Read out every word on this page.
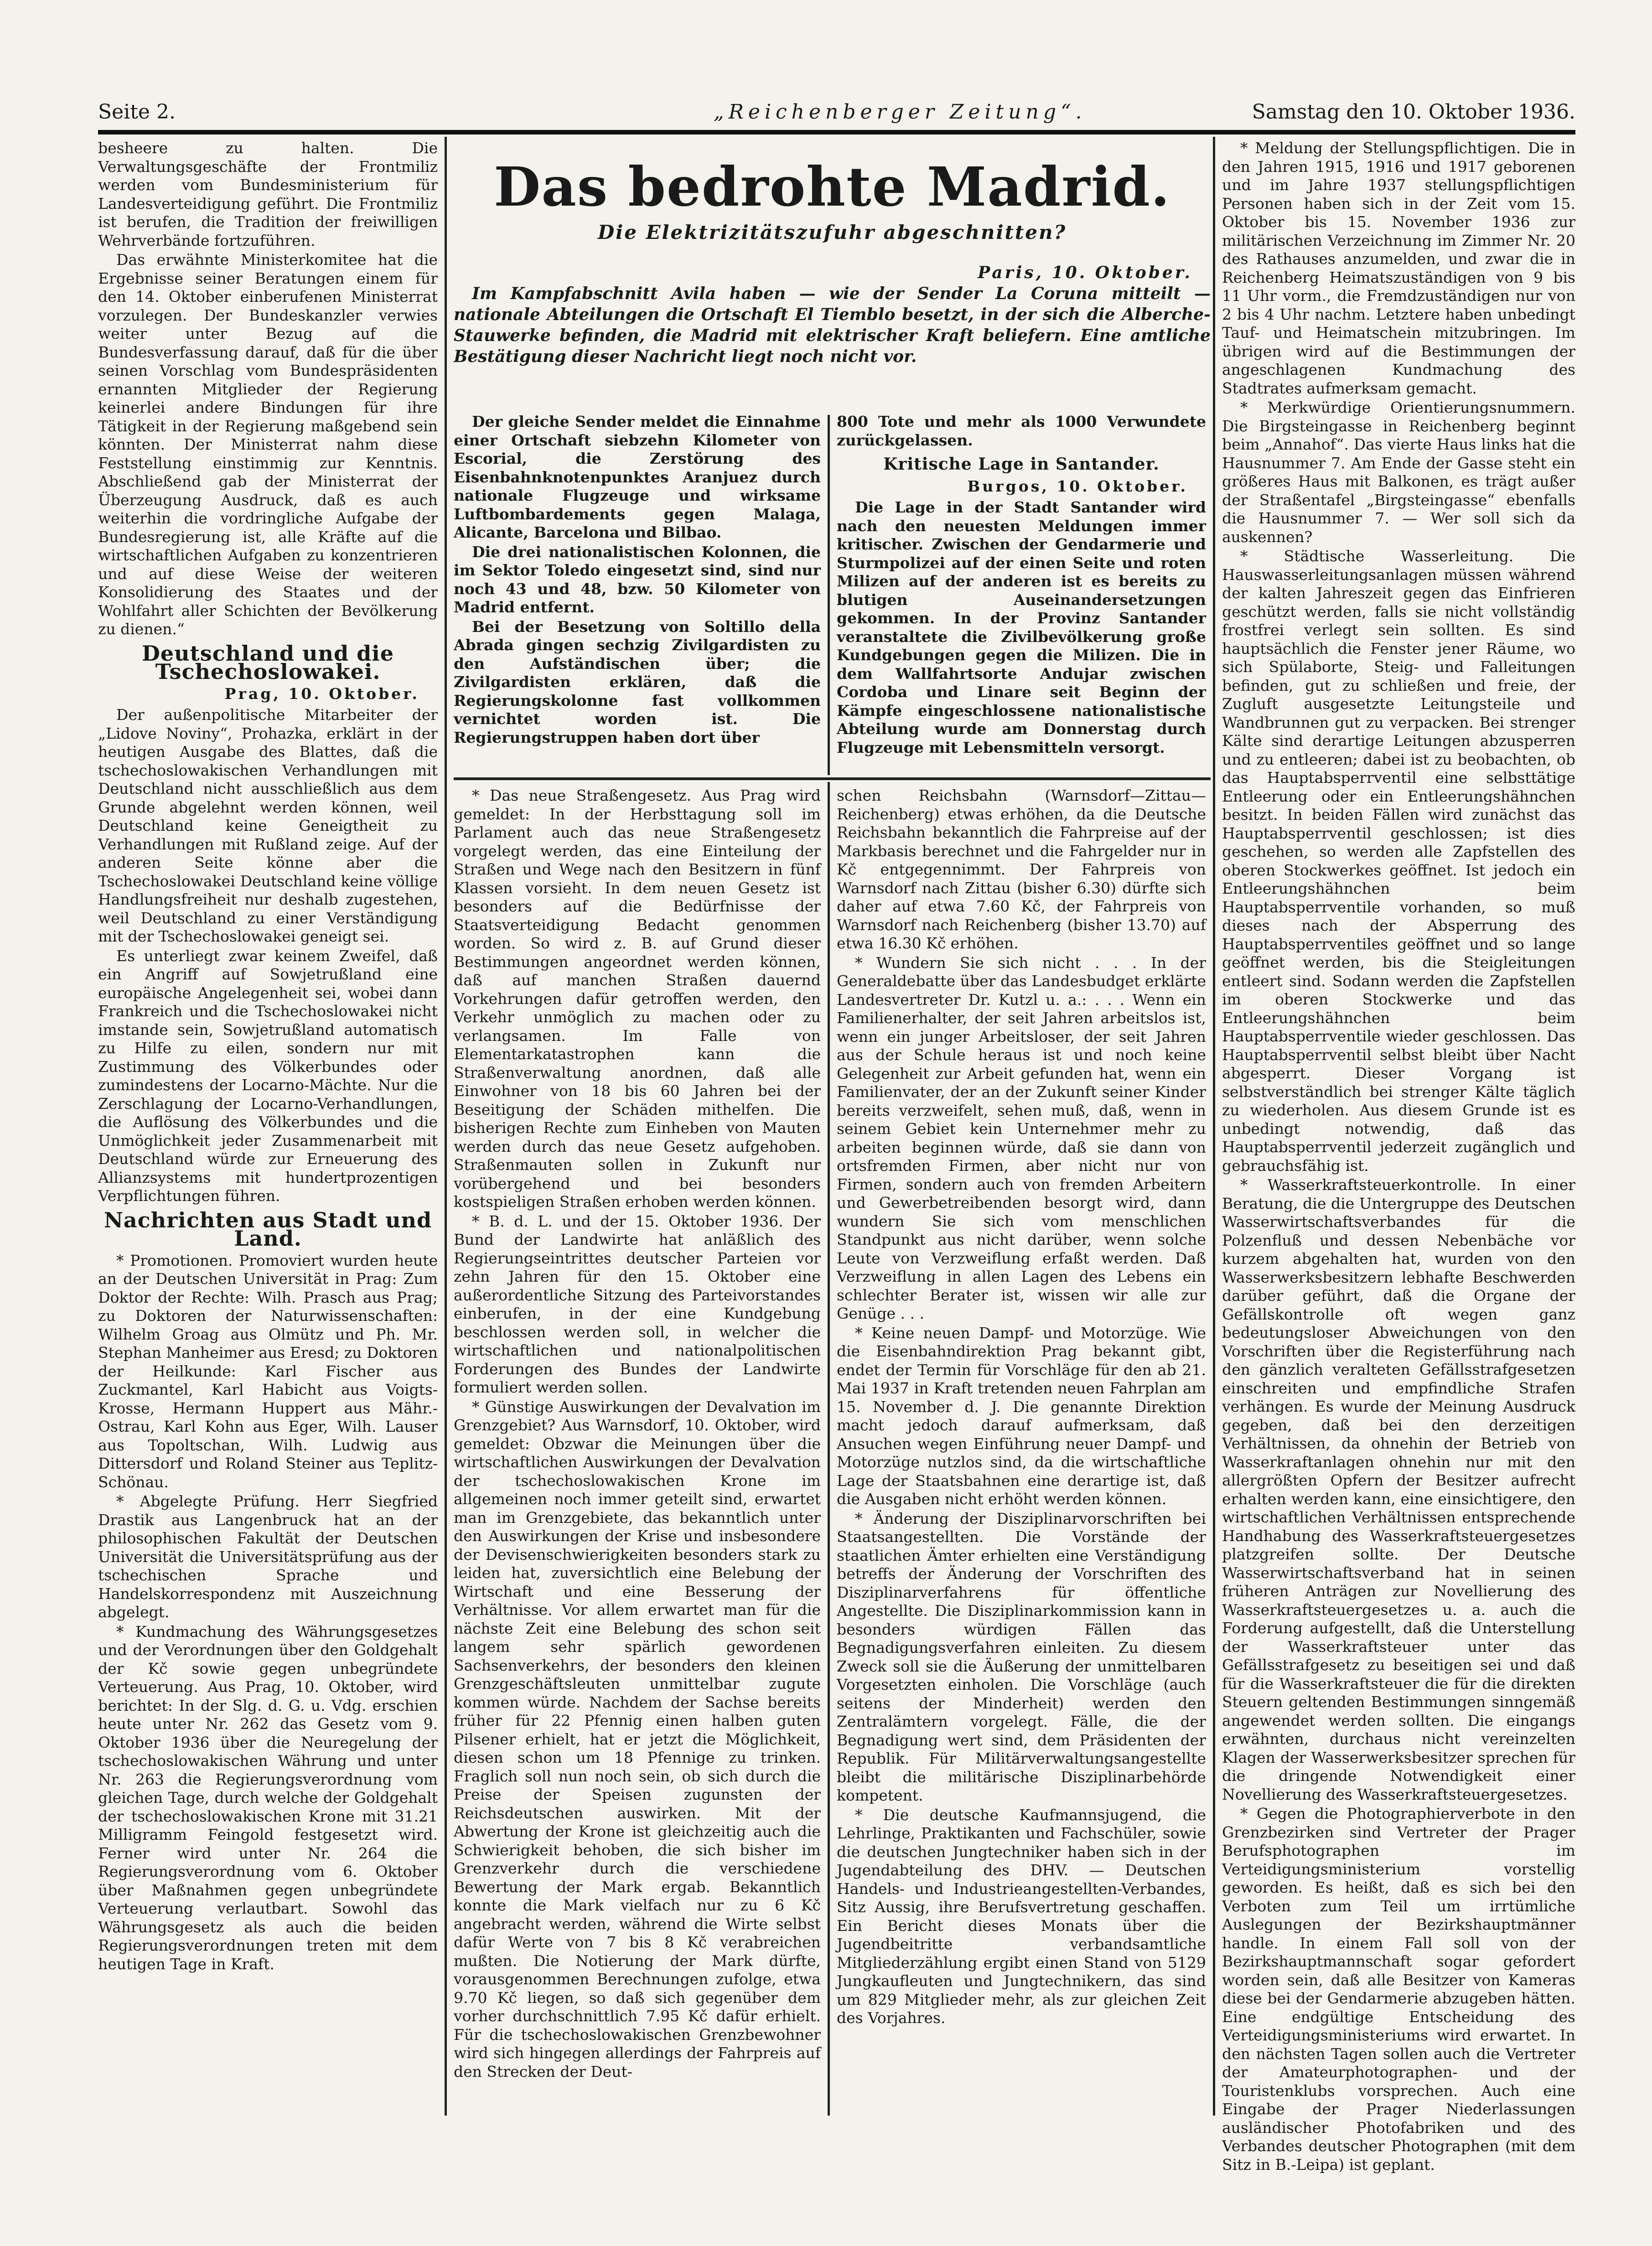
Seite 2.	„Reichenberger Zeitung“.	Samstag den 10. Oktober 1936.

besheere zu halten. Die Verwaltungsgeschäfte der Frontmiliz werden vom Bundesministerium für Landesverteidigung geführt. Die Frontmiliz ist berufen, die Tradition der freiwilligen Wehrverbände fortzuführen.

Das erwähnte Ministerkomitee hat die Ergebnisse seiner Beratungen einem für den 14. Oktober einberufenen Ministerrat vorzulegen. Der Bundeskanzler verwies weiter unter Bezug auf die Bundesverfassung darauf, daß für die über seinen Vorschlag vom Bundespräsidenten ernannten Mitglieder der Regierung keinerlei andere Bindungen für ihre Tätigkeit in der Regierung maßgebend sein könnten. Der Ministerrat nahm diese Feststellung einstimmig zur Kenntnis. Abschließend gab der Ministerrat der Überzeugung Ausdruck, daß es auch weiterhin die vordringliche Aufgabe der Bundesregierung ist, alle Kräfte auf die wirtschaftlichen Aufgaben zu konzentrieren und auf diese Weise der weiteren Konsolidierung des Staates und der Wohlfahrt aller Schichten der Bevölkerung zu dienen.“

Deutschland und die Tschechoslowakei.
Prag, 10. Oktober.

Der außenpolitische Mitarbeiter der „Lidove Noviny“, Prohazka, erklärt in der heutigen Ausgabe des Blattes, daß die tschechoslowakischen Verhandlungen mit Deutschland nicht ausschließlich aus dem Grunde abgelehnt werden können, weil Deutschland keine Geneigtheit zu Verhandlungen mit Rußland zeige. Auf der anderen Seite könne aber die Tschechoslowakei Deutschland keine völlige Handlungsfreiheit nur deshalb zugestehen, weil Deutschland zu einer Verständigung mit der Tschechoslowakei geneigt sei.

Es unterliegt zwar keinem Zweifel, daß ein Angriff auf Sowjetrußland eine europäische Angelegenheit sei, wobei dann Frankreich und die Tschechoslowakei nicht imstande sein, Sowjetrußland automatisch zu Hilfe zu eilen, sondern nur mit Zustimmung des Völkerbundes oder zumindestens der Locarno-Mächte. Nur die Zerschlagung der Locarno-Verhandlungen, die Auflösung des Völkerbundes und die Unmöglichkeit jeder Zusammenarbeit mit Deutschland würde zur Erneuerung des Allianzsystems mit hundertprozentigen Verpflichtungen führen.

Nachrichten aus Stadt und Land.

* Promotionen. Promoviert wurden heute an der Deutschen Universität in Prag: Zum Doktor der Rechte: Wilh. Prasch aus Prag; zu Doktoren der Naturwissenschaften: Wilhelm Groag aus Olmütz und Ph. Mr. Stephan Manheimer aus Eresd; zu Doktoren der Heilkunde: Karl Fischer aus Zuckmantel, Karl Habicht aus Voigts-Krosse, Hermann Huppert aus Mähr.-Ostrau, Karl Kohn aus Eger, Wilh. Lauser aus Topoltschan, Wilh. Ludwig aus Dittersdorf und Roland Steiner aus Teplitz-Schönau.

* Abgelegte Prüfung. Herr Siegfried Drastik aus Langenbruck hat an der philosophischen Fakultät der Deutschen Universität die Universitätsprüfung aus der tschechischen Sprache und Handelskorrespondenz mit Auszeichnung abgelegt.

* Kundmachung des Währungsgesetzes und der Verordnungen über den Goldgehalt der Kč sowie gegen unbegründete Verteuerung. Aus Prag, 10. Oktober, wird berichtet: In der Slg. d. G. u. Vdg. erschien heute unter Nr. 262 das Gesetz vom 9. Oktober 1936 über die Neuregelung der tschechoslowakischen Währung und unter Nr. 263 die Regierungsverordnung vom gleichen Tage, durch welche der Goldgehalt der tschechoslowakischen Krone mit 31.21 Milligramm Feingold festgesetzt wird. Ferner wird unter Nr. 264 die Regierungsverordnung vom 6. Oktober über Maßnahmen gegen unbegründete Verteuerung verlautbart. Sowohl das Währungsgesetz als auch die beiden Regierungsverordnungen treten mit dem heutigen Tage in Kraft.

Das bedrohte Madrid.
Die Elektrizitätszufuhr abgeschnitten?
Paris, 10. Oktober.
Im Kampfabschnitt Avila haben — wie der Sender La Coruna mitteilt — nationale Abteilungen die Ortschaft El Tiemblo besetzt, in der sich die Alberche-Stauwerke befinden, die Madrid mit elektrischer Kraft beliefern. Eine amtliche Bestätigung dieser Nachricht liegt noch nicht vor.

Der gleiche Sender meldet die Einnahme einer Ortschaft siebzehn Kilometer von Escorial, die Zerstörung des Eisenbahnknotenpunktes Aranjuez durch nationale Flugzeuge und wirksame Luftbombardements gegen Malaga, Alicante, Barcelona und Bilbao.

Die drei nationalistischen Kolonnen, die im Sektor Toledo eingesetzt sind, sind nur noch 43 und 48, bzw. 50 Kilometer von Madrid entfernt.

Bei der Besetzung von Soltillo della Abrada gingen sechzig Zivilgardisten zu den Aufständischen über; die Zivilgardisten erklären, daß die Regierungskolonne fast vollkommen vernichtet worden ist. Die Regierungstruppen haben dort über

800 Tote und mehr als 1000 Verwundete zurückgelassen.

Kritische Lage in Santander.
Burgos, 10. Oktober.

Die Lage in der Stadt Santander wird nach den neuesten Meldungen immer kritischer. Zwischen der Gendarmerie und Sturmpolizei auf der einen Seite und roten Milizen auf der anderen ist es bereits zu blutigen Auseinandersetzungen gekommen. In der Provinz Santander veranstaltete die Zivilbevölkerung große Kundgebungen gegen die Milizen. Die in dem Wallfahrtsorte Andujar zwischen Cordoba und Linare seit Beginn der Kämpfe eingeschlossene nationalistische Abteilung wurde am Donnerstag durch Flugzeuge mit Lebensmitteln versorgt.

* Das neue Straßengesetz. Aus Prag wird gemeldet: In der Herbsttagung soll im Parlament auch das neue Straßengesetz vorgelegt werden, das eine Einteilung der Straßen und Wege nach den Besitzern in fünf Klassen vorsieht. In dem neuen Gesetz ist besonders auf die Bedürfnisse der Staatsverteidigung Bedacht genommen worden. So wird z. B. auf Grund dieser Bestimmungen angeordnet werden können, daß auf manchen Straßen dauernd Vorkehrungen dafür getroffen werden, den Verkehr unmöglich zu machen oder zu verlangsamen. Im Falle von Elementarkatastrophen kann die Straßenverwaltung anordnen, daß alle Einwohner von 18 bis 60 Jahren bei der Beseitigung der Schäden mithelfen. Die bisherigen Rechte zum Einheben von Mauten werden durch das neue Gesetz aufgehoben. Straßenmauten sollen in Zukunft nur vorübergehend und bei besonders kostspieligen Straßen erhoben werden können.

* B. d. L. und der 15. Oktober 1936. Der Bund der Landwirte hat anläßlich des Regierungseintrittes deutscher Parteien vor zehn Jahren für den 15. Oktober eine außerordentliche Sitzung des Parteivorstandes einberufen, in der eine Kundgebung beschlossen werden soll, in welcher die wirtschaftlichen und nationalpolitischen Forderungen des Bundes der Landwirte formuliert werden sollen.

* Günstige Auswirkungen der Devalvation im Grenzgebiet? Aus Warnsdorf, 10. Oktober, wird gemeldet: Obzwar die Meinungen über die wirtschaftlichen Auswirkungen der Devalvation der tschechoslowakischen Krone im allgemeinen noch immer geteilt sind, erwartet man im Grenzgebiete, das bekanntlich unter den Auswirkungen der Krise und insbesondere der Devisenschwierigkeiten besonders stark zu leiden hat, zuversichtlich eine Belebung der Wirtschaft und eine Besserung der Verhältnisse. Vor allem erwartet man für die nächste Zeit eine Belebung des schon seit langem sehr spärlich gewordenen Sachsenverkehrs, der besonders den kleinen Grenzgeschäftsleuten unmittelbar zugute kommen würde. Nachdem der Sachse bereits früher für 22 Pfennig einen halben guten Pilsener erhielt, hat er jetzt die Möglichkeit, diesen schon um 18 Pfennige zu trinken. Fraglich soll nun noch sein, ob sich durch die Preise der Speisen zugunsten der Reichsdeutschen auswirken. Mit der Abwertung der Krone ist gleichzeitig auch die Schwierigkeit behoben, die sich bisher im Grenzverkehr durch die verschiedene Bewertung der Mark ergab. Bekanntlich konnte die Mark vielfach nur zu 6 Kč angebracht werden, während die Wirte selbst dafür Werte von 7 bis 8 Kč verabreichen mußten. Die Notierung der Mark dürfte, vorausgenommen Berechnungen zufolge, etwa 9.70 Kč liegen, so daß sich gegenüber dem vorher durchschnittlich 7.95 Kč dafür erhielt. Für die tschechoslowakischen Grenzbewohner wird sich hingegen allerdings der Fahrpreis auf den Strecken der Deut-

schen Reichsbahn (Warnsdorf—Zittau—Reichenberg) etwas erhöhen, da die Deutsche Reichsbahn bekanntlich die Fahrpreise auf der Markbasis berechnet und die Fahrgelder nur in Kč entgegennimmt. Der Fahrpreis von Warnsdorf nach Zittau (bisher 6.30) dürfte sich daher auf etwa 7.60 Kč, der Fahrpreis von Warnsdorf nach Reichenberg (bisher 13.70) auf etwa 16.30 Kč erhöhen.

* Wundern Sie sich nicht . . . In der Generaldebatte über das Landesbudget erklärte Landesvertreter Dr. Kutzl u. a.: . . . Wenn ein Familienerhalter, der seit Jahren arbeitslos ist, wenn ein junger Arbeitsloser, der seit Jahren aus der Schule heraus ist und noch keine Gelegenheit zur Arbeit gefunden hat, wenn ein Familienvater, der an der Zukunft seiner Kinder bereits verzweifelt, sehen muß, daß, wenn in seinem Gebiet kein Unternehmer mehr zu arbeiten beginnen würde, daß sie dann von ortsfremden Firmen, aber nicht nur von Firmen, sondern auch von fremden Arbeitern und Gewerbetreibenden besorgt wird, dann wundern Sie sich vom menschlichen Standpunkt aus nicht darüber, wenn solche Leute von Verzweiflung erfaßt werden. Daß Verzweiflung in allen Lagen des Lebens ein schlechter Berater ist, wissen wir alle zur Genüge . . .

* Keine neuen Dampf- und Motorzüge. Wie die Eisenbahndirektion Prag bekannt gibt, endet der Termin für Vorschläge für den ab 21. Mai 1937 in Kraft tretenden neuen Fahrplan am 15. November d. J. Die genannte Direktion macht jedoch darauf aufmerksam, daß Ansuchen wegen Einführung neuer Dampf- und Motorzüge nutzlos sind, da die wirtschaftliche Lage der Staatsbahnen eine derartige ist, daß die Ausgaben nicht erhöht werden können.

* Änderung der Disziplinarvorschriften bei Staatsangestellten. Die Vorstände der staatlichen Ämter erhielten eine Verständigung betreffs der Änderung der Vorschriften des Disziplinarverfahrens für öffentliche Angestellte. Die Disziplinarkommission kann in besonders würdigen Fällen das Begnadigungsverfahren einleiten. Zu diesem Zweck soll sie die Äußerung der unmittelbaren Vorgesetzten einholen. Die Vorschläge (auch seitens der Minderheit) werden den Zentralämtern vorgelegt. Fälle, die der Begnadigung wert sind, dem Präsidenten der Republik. Für Militärverwaltungsangestellte bleibt die militärische Disziplinarbehörde kompetent.

* Die deutsche Kaufmannsjugend, die Lehrlinge, Praktikanten und Fachschüler, sowie die deutschen Jungtechniker haben sich in der Jugendabteilung des DHV. — Deutschen Handels- und Industrieangestellten-Verbandes, Sitz Aussig, ihre Berufsvertretung geschaffen. Ein Bericht dieses Monats über die Jugendbeitritte verbandsamtliche Mitgliederzählung ergibt einen Stand von 5129 Jungkaufleuten und Jungtechnikern, das sind um 829 Mitglieder mehr, als zur gleichen Zeit des Vorjahres.

* Meldung der Stellungspflichtigen. Die in den Jahren 1915, 1916 und 1917 geborenen und im Jahre 1937 stellungspflichtigen Personen haben sich in der Zeit vom 15. Oktober bis 15. November 1936 zur militärischen Verzeichnung im Zimmer Nr. 20 des Rathauses anzumelden, und zwar die in Reichenberg Heimatszuständigen von 9 bis 11 Uhr vorm., die Fremdzuständigen nur von 2 bis 4 Uhr nachm. Letztere haben unbedingt Tauf- und Heimatschein mitzubringen. Im übrigen wird auf die Bestimmungen der angeschlagenen Kundmachung des Stadtrates aufmerksam gemacht.

* Merkwürdige Orientierungsnummern. Die Birgsteingasse in Reichenberg beginnt beim „Annahof“. Das vierte Haus links hat die Hausnummer 7. Am Ende der Gasse steht ein größeres Haus mit Balkonen, es trägt außer der Straßentafel „Birgsteingasse“ ebenfalls die Hausnummer 7. — Wer soll sich da auskennen?

* Städtische Wasserleitung. Die Hauswasserleitungsanlagen müssen während der kalten Jahreszeit gegen das Einfrieren geschützt werden, falls sie nicht vollständig frostfrei verlegt sein sollten. Es sind hauptsächlich die Fenster jener Räume, wo sich Spülaborte, Steig- und Falleitungen befinden, gut zu schließen und freie, der Zugluft ausgesetzte Leitungsteile und Wandbrunnen gut zu verpacken. Bei strenger Kälte sind derartige Leitungen abzusperren und zu entleeren; dabei ist zu beobachten, ob das Hauptabsperrventil eine selbsttätige Entleerung oder ein Entleerungshähnchen besitzt. In beiden Fällen wird zunächst das Hauptabsperrventil geschlossen; ist dies geschehen, so werden alle Zapfstellen des oberen Stockwerkes geöffnet. Ist jedoch ein Entleerungshähnchen beim Hauptabsperrventile vorhanden, so muß dieses nach der Absperrung des Hauptabsperrventiles geöffnet und so lange geöffnet werden, bis die Steigleitungen entleert sind. Sodann werden die Zapfstellen im oberen Stockwerke und das Entleerungshähnchen beim Hauptabsperrventile wieder geschlossen. Das Hauptabsperrventil selbst bleibt über Nacht abgesperrt. Dieser Vorgang ist selbstverständlich bei strenger Kälte täglich zu wiederholen. Aus diesem Grunde ist es unbedingt notwendig, daß das Hauptabsperrventil jederzeit zugänglich und gebrauchsfähig ist.

* Wasserkraftsteuerkontrolle. In einer Beratung, die die Untergruppe des Deutschen Wasserwirtschaftsverbandes für die Polzenfluß und dessen Nebenbäche vor kurzem abgehalten hat, wurden von den Wasserwerksbesitzern lebhafte Beschwerden darüber geführt, daß die Organe der Gefällskontrolle oft wegen ganz bedeutungsloser Abweichungen von den Vorschriften über die Registerführung nach den gänzlich veralteten Gefällsstrafgesetzen einschreiten und empfindliche Strafen verhängen. Es wurde der Meinung Ausdruck gegeben, daß bei den derzeitigen Verhältnissen, da ohnehin der Betrieb von Wasserkraftanlagen ohnehin nur mit den allergrößten Opfern der Besitzer aufrecht erhalten werden kann, eine einsichtigere, den wirtschaftlichen Verhältnissen entsprechende Handhabung des Wasserkraftsteuergesetzes platzgreifen sollte. Der Deutsche Wasserwirtschaftsverband hat in seinen früheren Anträgen zur Novellierung des Wasserkraftsteuergesetzes u. a. auch die Forderung aufgestellt, daß die Unterstellung der Wasserkraftsteuer unter das Gefällsstrafgesetz zu beseitigen sei und daß für die Wasserkraftsteuer die für die direkten Steuern geltenden Bestimmungen sinngemäß angewendet werden sollten. Die eingangs erwähnten, durchaus nicht vereinzelten Klagen der Wasserwerksbesitzer sprechen für die dringende Notwendigkeit einer Novellierung des Wasserkraftsteuergesetzes.

* Gegen die Photographierverbote in den Grenzbezirken sind Vertreter der Prager Berufsphotographen im Verteidigungsministerium vorstellig geworden. Es heißt, daß es sich bei den Verboten zum Teil um irrtümliche Auslegungen der Bezirkshauptmänner handle. In einem Fall soll von der Bezirkshauptmannschaft sogar gefordert worden sein, daß alle Besitzer von Kameras diese bei der Gendarmerie abzugeben hätten. Eine endgültige Entscheidung des Verteidigungsministeriums wird erwartet. In den nächsten Tagen sollen auch die Vertreter der Amateurphotographen- und der Touristenklubs vorsprechen. Auch eine Eingabe der Prager Niederlassungen ausländischer Photofabriken und des Verbandes deutscher Photographen (mit dem Sitz in B.-Leipa) ist geplant.
